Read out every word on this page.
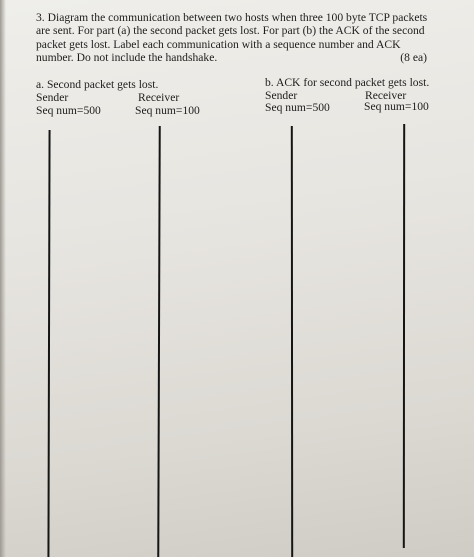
3. Diagram the communication between two hosts when three 100 byte TCP packets
are sent. For part (a) the second packet gets lost. For part (b) the ACK of the second
packet gets lost. Label each communication with a sequence number and ACK
number. Do not include the handshake.	(8 ea)
a. Second packet gets lost.
Sender	Receiver
Seq num=500	Seq num=100
b. ACK for second packet gets lost.
Sender	Receiver
Seq num=500	Seq num=100
